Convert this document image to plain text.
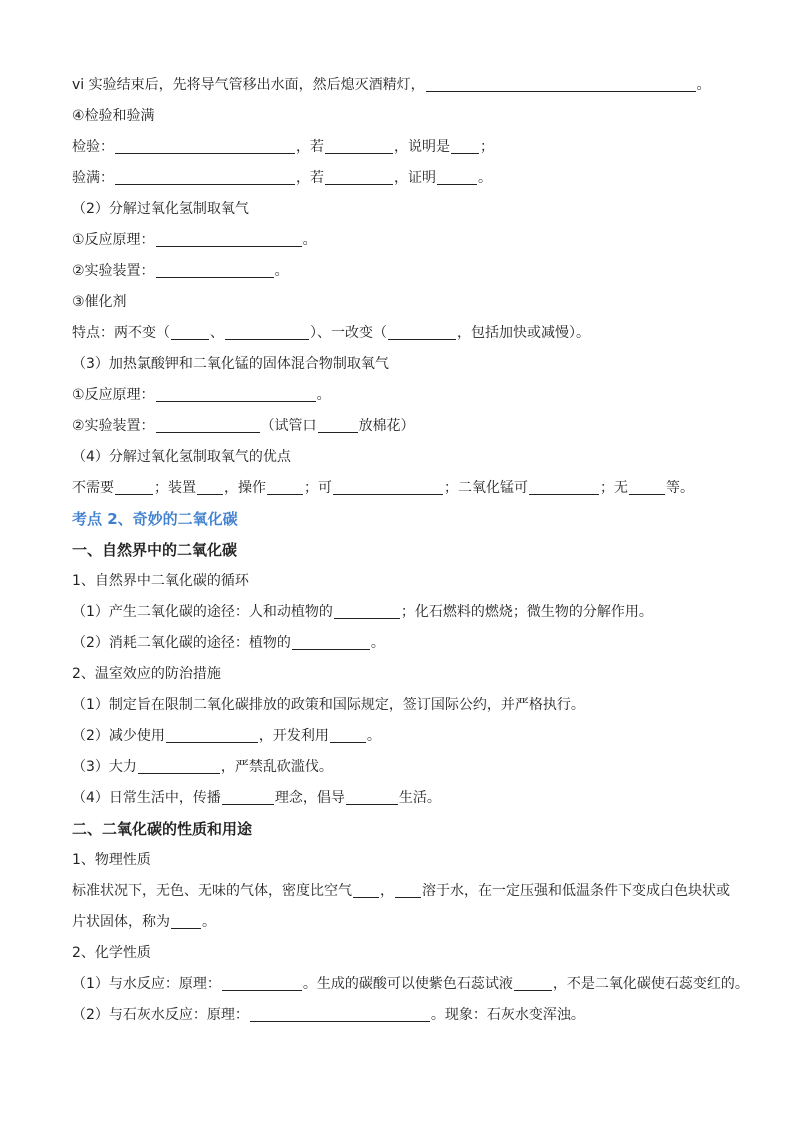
vi 实验结束后，先将导气管移出水面，然后熄灭酒精灯，	。
④检验和验满
检验：	，若	，说明是 ；
验满：	，若	，证明	。
（2）分解过氧化氢制取氧气
①反应原理：	。
②实验装置：	。
③催化剂
特点：两不变（	、	）、一改变（	，包括加快或减慢）。
（3）加热氯酸钾和二氧化锰的固体混合物制取氧气
①反应原理：	。
②实验装置：	（试管口	放棉花）
（4）分解过氧化氢制取氧气的优点
不需要	；装置 ，操作	；可	；二氧化锰可	；无	等。
考点 2、奇妙的二氧化碳
一、自然界中的二氧化碳
1、自然界中二氧化碳的循环
（1）产生二氧化碳的途径：人和动植物的	；化石燃料的燃烧；微生物的分解作用。
（2）消耗二氧化碳的途径：植物的	。
2、温室效应的防治措施
（1）制定旨在限制二氧化碳排放的政策和国际规定，签订国际公约，并严格执行。
（2）减少使用	，开发利用	。
（3）大力	，严禁乱砍滥伐。
（4）日常生活中，传播	理念，倡导	生活。
二、二氧化碳的性质和用途
1、物理性质
标准状况下，无色、无味的气体，密度比空气 ， 溶于水，在一定压强和低温条件下变成白色块状或
片状固体，称为 。
2、化学性质
（1）与水反应：原理：	。生成的碳酸可以使紫色石蕊试液	，不是二氧化碳使石蕊变红的。
（2）与石灰水反应：原理：	。现象：石灰水变浑浊。
